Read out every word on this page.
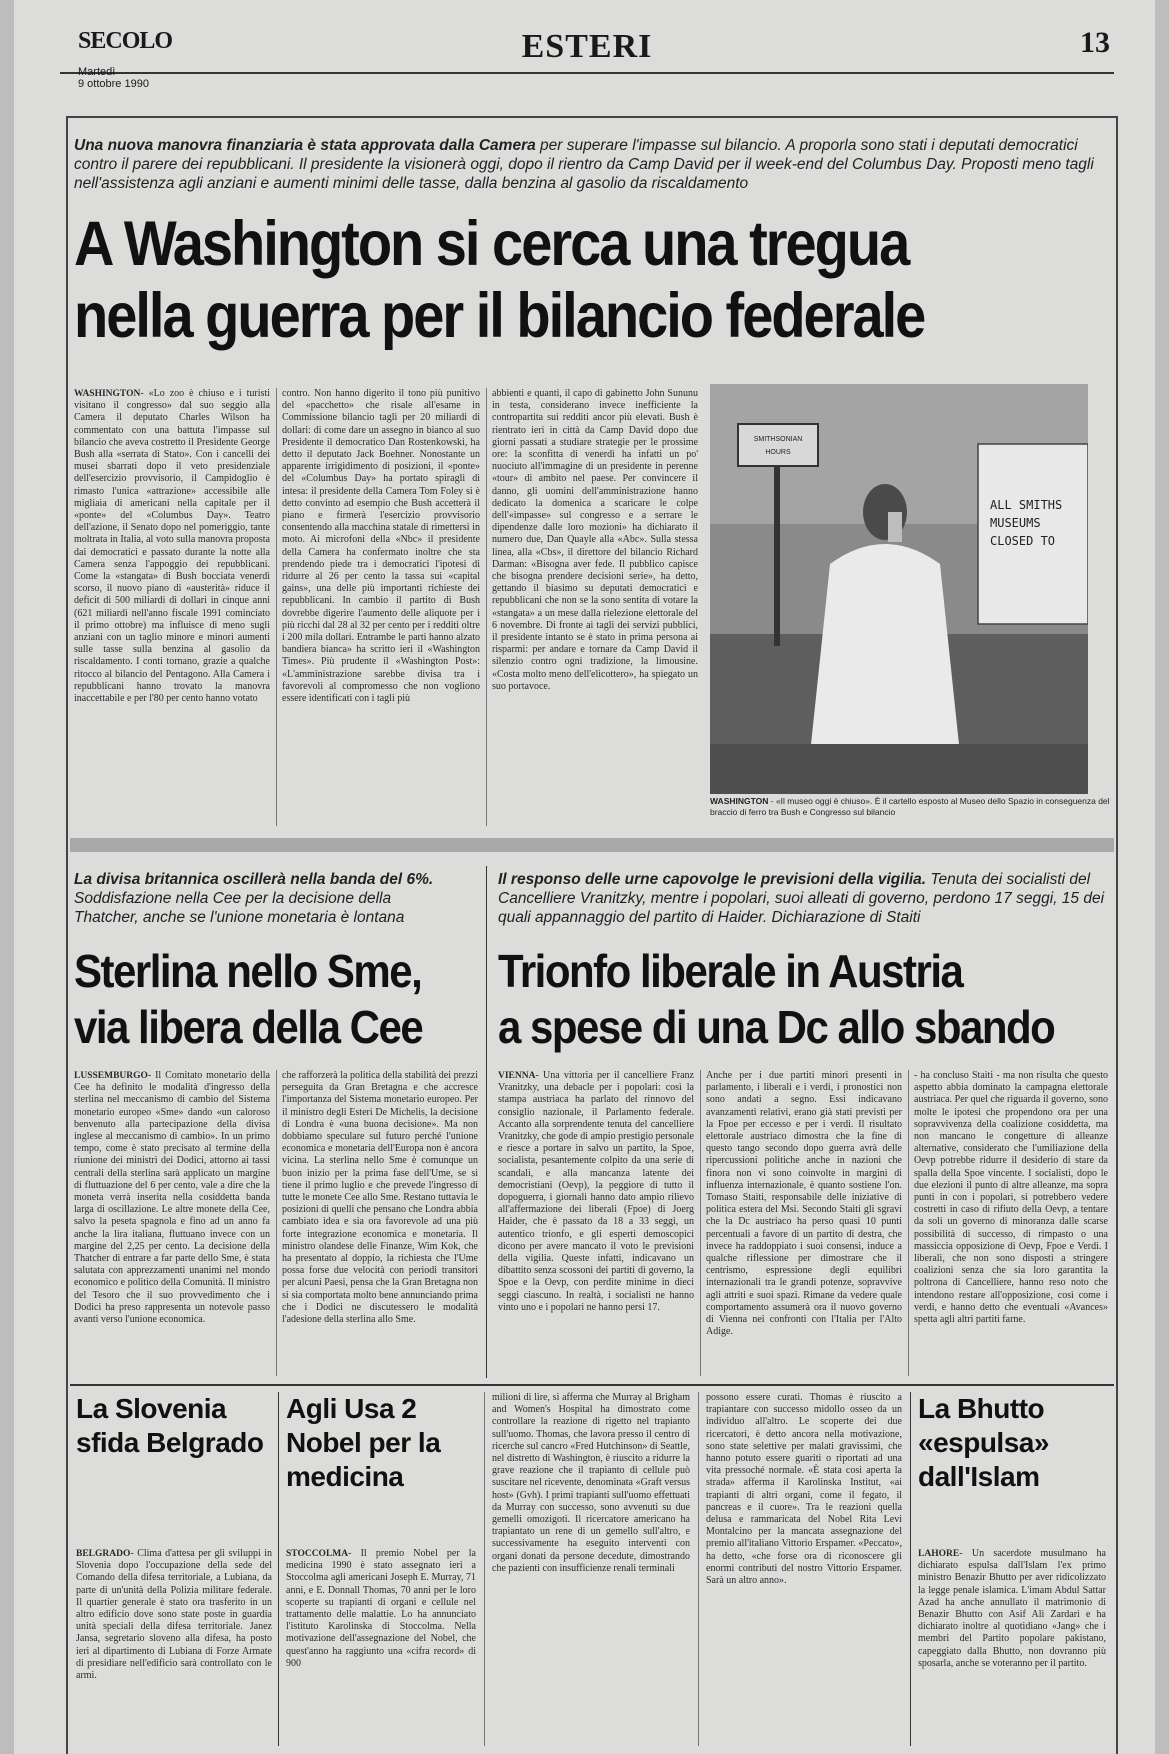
SECOLO
Martedì
9 ottobre 1990
ESTERI	13
Una nuova manovra finanziaria è stata approvata dalla Camera per superare l'impasse sul bilancio. A proporla sono stati i deputati democratici contro il parere dei repubblicani. Il presidente la visionerà oggi, dopo il rientro da Camp David per il week-end del Columbus Day. Proposti meno tagli nell'assistenza agli anziani e aumenti minimi delle tasse, dalla benzina al gasolio da riscaldamento
A Washington si cerca una tregua
nella guerra per il bilancio federale

WASHINGTON- «Lo zoo è chiuso e i turisti visitano il congresso» dal suo seggio alla Camera il deputato Charles Wilson ha commentato con una battuta l'impasse sul bilancio che aveva costretto il Presidente George Bush alla «serrata di Stato». Con i cancelli dei musei sbarrati dopo il veto presidenziale dell'esercizio provvisorio, il Campidoglio è rimasto l'unica «attrazione» accessibile alle migliaia di americani nella capitale per il «ponte» del «Columbus Day». Teatro dell'azione, il Senato dopo nel pomeriggio, tante moltrata in Italia, al voto sulla manovra proposta dai democratici e passato durante la notte alla Camera senza l'appoggio dei repubblicani. Come la «stangata» di Bush bocciata venerdì scorso, il nuovo piano di «austerità» riduce il deficit di 500 miliardi di dollari in cinque anni (621 miliardi nell'anno fiscale 1991 cominciato il primo ottobre) ma influisce di meno sugli anziani con un taglio minore e minori aumenti sulle tasse sulla benzina al gasolio da riscaldamento. I conti tornano, grazie a qualche ritocco al bilancio del Pentagono. Alla Camera i repubblicani hanno trovato la manovra inaccettabile e per l'80 per cento hanno votato

contro. Non hanno digerito il tono più punitivo del «pacchetto» che risale all'esame in Commissione bilancio tagli per 20 miliardi di dollari: di come dare un assegno in bianco al suo Presidente il democratico Dan Rostenkowski, ha detto il deputato Jack Boehner. Nonostante un apparente irrigidimento di posizioni, il «ponte» del «Columbus Day» ha portato spiragli di intesa: il presidente della Camera Tom Foley si è detto convinto ad esempio che Bush accetterà il piano e firmerà l'esercizio provvisorio consentendo alla macchina statale di rimettersi in moto. Ai microfoni della «Nbc» il presidente della Camera ha confermato inoltre che sta prendendo piede tra i democratici l'ipotesi di ridurre al 26 per cento la tassa sui «capital gains», una delle più importanti richieste dei repubblicani. In cambio il partito di Bush dovrebbe digerire l'aumento delle aliquote per i più ricchi dal 28 al 32 per cento per i redditi oltre i 200 mila dollari. Entrambe le parti hanno alzato bandiera bianca» ha scritto ieri il «Washington Times». Più prudente il «Washington Post»: «L'amministrazione sarebbe divisa tra i favorevoli al compromesso che non vogliono essere identificati con i tagli più

abbienti e quanti, il capo di gabinetto John Sununu in testa, considerano invece inefficiente la contropartita sui redditi ancor più elevati. Bush è rientrato ieri in città da Camp David dopo due giorni passati a studiare strategie per le prossime ore: la sconfitta di venerdì ha infatti un po' nuociuto all'immagine di un presidente in perenne «tour» di ambito nel paese. Per convincere il danno, gli uomini dell'amministrazione hanno dedicato la domenica a scaricare le colpe dell'«impasse» sul congresso e a serrare le dipendenze dalle loro mozioni» ha dichiarato il numero due, Dan Quayle alla «Abc». Sulla stessa linea, alla «Cbs», il direttore del bilancio Richard Darman: «Bisogna aver fede. Il pubblico capisce che bisogna prendere decisioni serie», ha detto, gettando il biasimo su deputati democratici e repubblicani che non se la sono sentita di votare la «stangata» a un mese dalla rielezione elettorale del 6 novembre. Di fronte ai tagli dei servizi pubblici, il presidente intanto se è stato in prima persona ai risparmi: per andare e tornare da Camp David il silenzio contro ogni tradizione, la limousine. «Costa molto meno dell'elicottero», ha spiegato un suo portavoce.

SMITHSONIAN
HOURS
ALL SMITHS
MUSEUMS
CLOSED TO
WASHINGTON - «Il museo oggi è chiuso». È il cartello esposto al Museo dello Spazio in conseguenza del braccio di ferro tra Bush e Congresso sul bilancio
La divisa britannica oscillerà nella banda del 6%. Soddisfazione nella Cee per la decisione della Thatcher, anche se l'unione monetaria è lontana
Sterlina nello Sme,
via libera della Cee

LUSSEMBURGO- Il Comitato monetario della Cee ha definito le modalità d'ingresso della sterlina nel meccanismo di cambio del Sistema monetario europeo «Sme» dando «un caloroso benvenuto alla partecipazione della divisa inglese al meccanismo di cambio». In un primo tempo, come è stato precisato al termine della riunione dei ministri dei Dodici, attorno ai tassi centrali della sterlina sarà applicato un margine di fluttuazione del 6 per cento, vale a dire che la moneta verrà inserita nella cosiddetta banda larga di oscillazione. Le altre monete della Cee, salvo la peseta spagnola e fino ad un anno fa anche la lira italiana, fluttuano invece con un margine del 2,25 per cento. La decisione della Thatcher di entrare a far parte dello Sme, è stata salutata con apprezzamenti unanimi nel mondo economico e politico della Comunità. Il ministro del Tesoro che il suo provvedimento che i Dodici ha preso rappresenta un notevole passo avanti verso l'unione economica.

che rafforzerà la politica della stabilità dei prezzi perseguita da Gran Bretagna e che accresce l'importanza del Sistema monetario europeo. Per il ministro degli Esteri De Michelis, la decisione di Londra è «una buona decisione». Ma non dobbiamo speculare sul futuro perché l'unione economica e monetaria dell'Europa non è ancora vicina. La sterlina nello Sme è comunque un buon inizio per la prima fase dell'Ume, se si tiene il primo luglio e che prevede l'ingresso di tutte le monete Cee allo Sme. Restano tuttavia le posizioni di quelli che pensano che Londra abbia cambiato idea e sia ora favorevole ad una più forte integrazione economica e monetaria. Il ministro olandese delle Finanze, Wim Kok, che ha presentato al doppio, la richiesta che l'Ume possa forse due velocità con periodi transitori per alcuni Paesi, pensa che la Gran Bretagna non si sia comportata molto bene annunciando prima che i Dodici ne discutessero le modalità l'adesione della sterlina allo Sme.

Il responso delle urne capovolge le previsioni della vigilia. Tenuta dei socialisti del Cancelliere Vranitzky, mentre i popolari, suoi alleati di governo, perdono 17 seggi, 15 dei quali appannaggio del partito di Haider. Dichiarazione di Staiti
Trionfo liberale in Austria
a spese di una Dc allo sbando

VIENNA- Una vittoria per il cancelliere Franz Vranitzky, una debacle per i popolari: così la stampa austriaca ha parlato del rinnovo del consiglio nazionale, il Parlamento federale. Accanto alla sorprendente tenuta del cancelliere Vranitzky, che gode di ampio prestigio personale e riesce a portare in salvo un partito, la Spoe, socialista, pesantemente colpito da una serie di scandali, e alla mancanza latente dei democristiani (Oevp), la peggiore di tutto il dopoguerra, i giornali hanno dato ampio rilievo all'affermazione dei liberali (Fpoe) di Joerg Haider, che è passato da 18 a 33 seggi, un autentico trionfo, e gli esperti demoscopici dicono per avere mancato il voto le previsioni della vigilia. Queste infatti, indicavano un dibattito senza scossoni dei partiti di governo, la Spoe e la Oevp, con perdite minime in dieci seggi ciascuno. In realtà, i socialisti ne hanno vinto uno e i popolari ne hanno persi 17.

Anche per i due partiti minori presenti in parlamento, i liberali e i verdi, i pronostici non sono andati a segno. Essi indicavano avanzamenti relativi, erano già stati previsti per la Fpoe per eccesso e per i verdi. Il risultato elettorale austriaco dimostra che la fine di questo tango secondo dopo guerra avrà delle ripercussioni politiche anche in nazioni che finora non vi sono coinvolte in margini di influenza internazionale, è quanto sostiene l'on. Tomaso Staiti, responsabile delle iniziative di politica estera del Msi. Secondo Staiti gli sgravi che la Dc austriaco ha perso quasi 10 punti percentuali a favore di un partito di destra, che invece ha raddoppiato i suoi consensi, induce a qualche riflessione per dimostrare che il centrismo, espressione degli equilibri internazionali tra le grandi potenze, sopravvive agli attriti e suoi spazi. Rimane da vedere quale comportamento assumerà ora il nuovo governo di Vienna nei confronti con l'Italia per l'Alto Adige.

- ha concluso Staiti - ma non risulta che questo aspetto abbia dominato la campagna elettorale austriaca. Per quel che riguarda il governo, sono molte le ipotesi che propendono ora per una sopravvivenza della coalizione cosiddetta, ma non mancano le congetture di alleanze alternative, considerato che l'umiliazione della Oevp potrebbe ridurre il desiderio di stare da spalla della Spoe vincente. I socialisti, dopo le due elezioni il punto di altre alleanze, ma sopra punti in con i popolari, si potrebbero vedere costretti in caso di rifiuto della Oevp, a tentare da soli un governo di minoranza dalle scarse possibilità di successo, di rimpasto o una massiccia opposizione di Oevp, Fpoe e Verdi. I liberali, che non sono disposti a stringere coalizioni senza che sia loro garantita la poltrona di Cancelliere, hanno reso noto che intendono restare all'opposizione, così come i verdi, e hanno detto che eventuali «Avances» spetta agli altri partiti farne.

La Slovenia sfida Belgrado

BELGRADO- Clima d'attesa per gli sviluppi in Slovenia dopo l'occupazione della sede del Comando della difesa territoriale, a Lubiana, da parte di un'unità della Polizia militare federale. Il quartier generale è stato ora trasferito in un altro edificio dove sono state poste in guardia unità speciali della difesa territoriale. Janez Jansa, segretario sloveno alla difesa, ha posto ieri al dipartimento di Lubiana di Forze Armate di presidiare nell'edificio sarà controllato con le armi.

Agli Usa 2 Nobel per la medicina

STOCCOLMA- Il premio Nobel per la medicina 1990 è stato assegnato ieri a Stoccolma agli americani Joseph E. Murray, 71 anni, e E. Donnall Thomas, 70 anni per le loro scoperte su trapianti di organi e cellule nel trattamento delle malattie. Lo ha annunciato l'istituto Karolinska di Stoccolma. Nella motivazione dell'assegnazione del Nobel, che quest'anno ha raggiunto una «cifra record» di 900

milioni di lire, si afferma che Murray al Brigham and Women's Hospital ha dimostrato come controllare la reazione di rigetto nel trapianto sull'uomo. Thomas, che lavora presso il centro di ricerche sul cancro «Fred Hutchinson» di Seattle, nel distretto di Washington, è riuscito a ridurre la grave reazione che il trapianto di cellule può suscitare nel ricevente, denominata «Graft versus host» (Gvh). I primi trapianti sull'uomo effettuati da Murray con successo, sono avvenuti su due gemelli omozigoti. Il ricercatore americano ha trapiantato un rene di un gemello sull'altro, e successivamente ha eseguito interventi con organi donati da persone decedute, dimostrando che pazienti con insufficienze renali terminali

possono essere curati. Thomas è riuscito a trapiantare con successo midollo osseo da un individuo all'altro. Le scoperte dei due ricercatori, è detto ancora nella motivazione, sono state selettive per malati gravissimi, che hanno potuto essere guariti o riportati ad una vita pressoché normale. «È stata così aperta la strada» afferma il Karolinska Institut, «ai trapianti di altri organi, come il fegato, il pancreas e il cuore». Tra le reazioni quella delusa e rammaricata del Nobel Rita Levi Montalcino per la mancata assegnazione del premio all'italiano Vittorio Erspamer. «Peccato», ha detto, «che forse ora di riconoscere gli enormi contributi del nostro Vittorio Erspamer. Sarà un altro anno».

La Bhutto «espulsa» dall'Islam

LAHORE- Un sacerdote musulmano ha dichiarato espulsa dall'Islam l'ex primo ministro Benazir Bhutto per aver ridicolizzato la legge penale islamica. L'imam Abdul Sattar Azad ha anche annullato il matrimonio di Benazir Bhutto con Asif Ali Zardari e ha dichiarato inoltre al quotidiano «Jang» che i membri del Partito popolare pakistano, capeggiato dalla Bhutto, non dovranno più sposarla, anche se voteranno per il partito.
